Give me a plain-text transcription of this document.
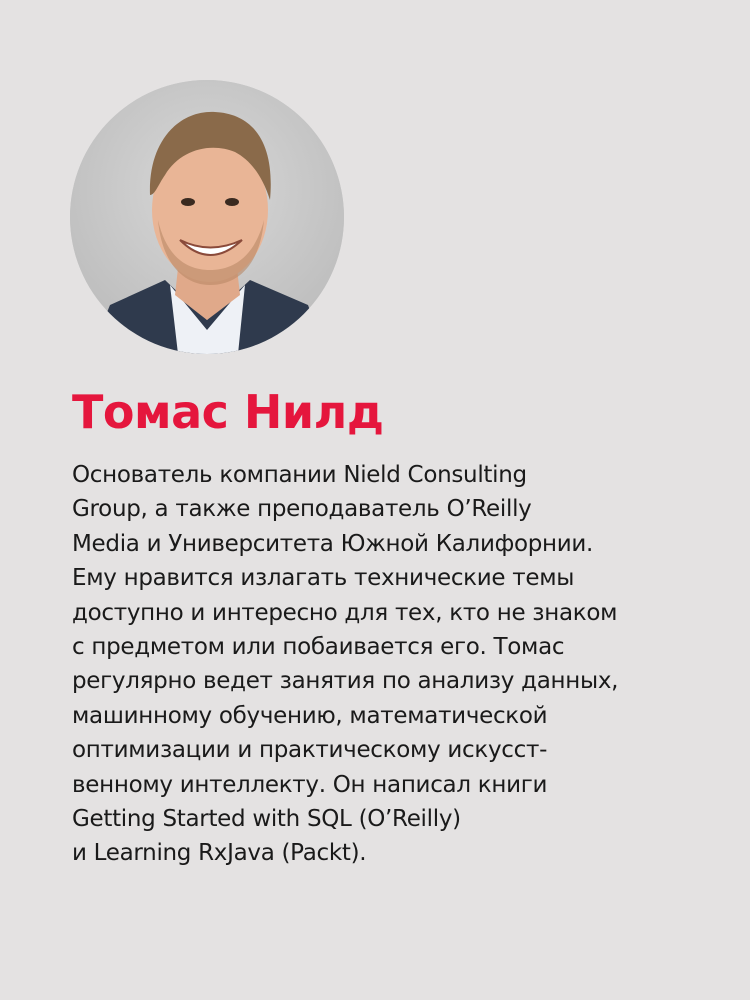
Томас Нилд

Основатель компании Nield Consulting
Group, а также преподаватель O’Reilly
Media и Университета Южной Калифорнии.
Ему нравится излагать технические темы
доступно и интересно для тех, кто не знаком
с предметом или побаивается его. Томас
регулярно ведет занятия по анализу данных,
машинному обучению, математической
оптимизации и практическому искусст-
венному интеллекту. Он написал книги
Getting Started with SQL (O’Reilly)
и Learning RxJava (Packt).
